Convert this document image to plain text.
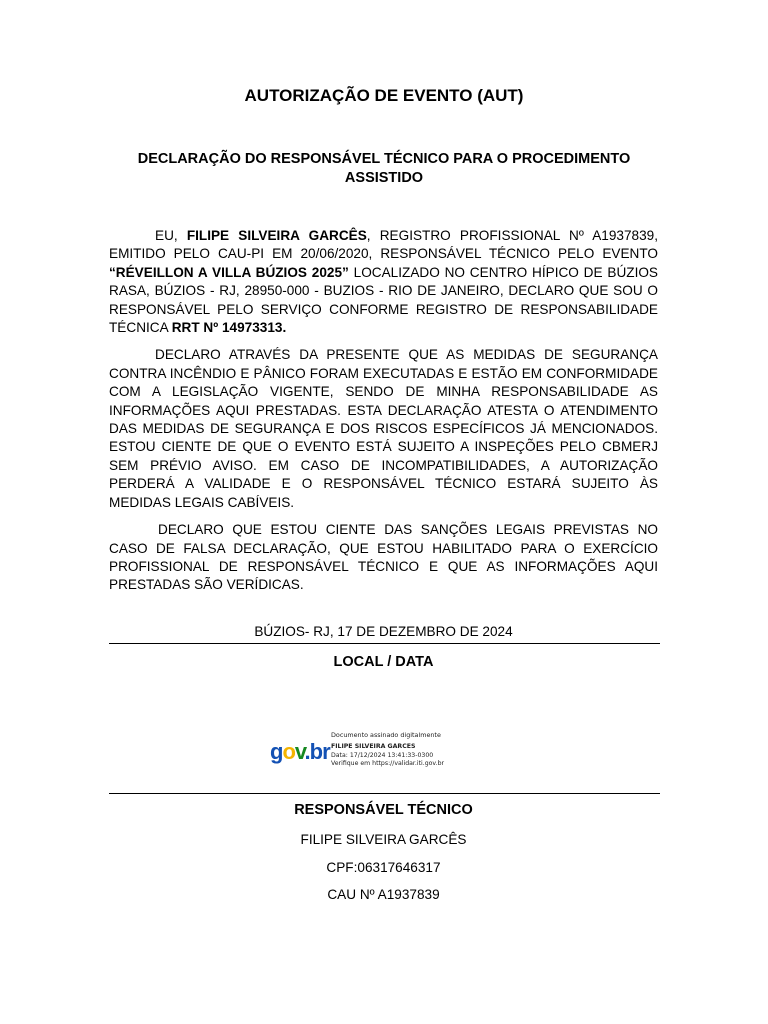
AUTORIZAÇÃO DE EVENTO (AUT)
DECLARAÇÃO DO RESPONSÁVEL TÉCNICO PARA O PROCEDIMENTO ASSISTIDO

EU, FILIPE SILVEIRA GARCÊS, REGISTRO PROFISSIONAL Nº A1937839, EMITIDO PELO CAU-PI EM 20/06/2020, RESPONSÁVEL TÉCNICO PELO EVENTO “RÉVEILLON A VILLA BÚZIOS 2025” LOCALIZADO NO CENTRO HÍPICO DE BÚZIOS RASA, BÚZIOS - RJ, 28950-000 - BUZIOS - RIO DE JANEIRO, DECLARO QUE SOU O RESPONSÁVEL PELO SERVIÇO CONFORME REGISTRO DE RESPONSABILIDADE TÉCNICA RRT Nº 14973313.

DECLARO ATRAVÉS DA PRESENTE QUE AS MEDIDAS DE SEGURANÇA CONTRA INCÊNDIO E PÂNICO FORAM EXECUTADAS E ESTÃO EM CONFORMIDADE COM A LEGISLAÇÃO VIGENTE, SENDO DE MINHA RESPONSABILIDADE AS INFORMAÇÕES AQUI PRESTADAS. ESTA DECLARAÇÃO ATESTA O ATENDIMENTO DAS MEDIDAS DE SEGURANÇA E DOS RISCOS ESPECÍFICOS JÁ MENCIONADOS. ESTOU CIENTE DE QUE O EVENTO ESTÁ SUJEITO A INSPEÇÕES PELO CBMERJ SEM PRÉVIO AVISO. EM CASO DE INCOMPATIBILIDADES, A AUTORIZAÇÃO PERDERÁ A VALIDADE E O RESPONSÁVEL TÉCNICO ESTARÁ SUJEITO ÀS MEDIDAS LEGAIS CABÍVEIS.

DECLARO QUE ESTOU CIENTE DAS SANÇÕES LEGAIS PREVISTAS NO CASO DE FALSA DECLARAÇÃO, QUE ESTOU HABILITADO PARA O EXERCÍCIO PROFISSIONAL DE RESPONSÁVEL TÉCNICO E QUE AS INFORMAÇÕES AQUI PRESTADAS SÃO VERÍDICAS.

BÚZIOS- RJ, 17 DE DEZEMBRO DE 2024
LOCAL / DATA
gov.br
Documento assinado digitalmente
FILIPE SILVEIRA GARCES
Data: 17/12/2024 13:41:33-0300
Verifique em https://validar.iti.gov.br
RESPONSÁVEL TÉCNICO
FILIPE SILVEIRA GARCÊS
CPF:06317646317
CAU Nº A1937839
